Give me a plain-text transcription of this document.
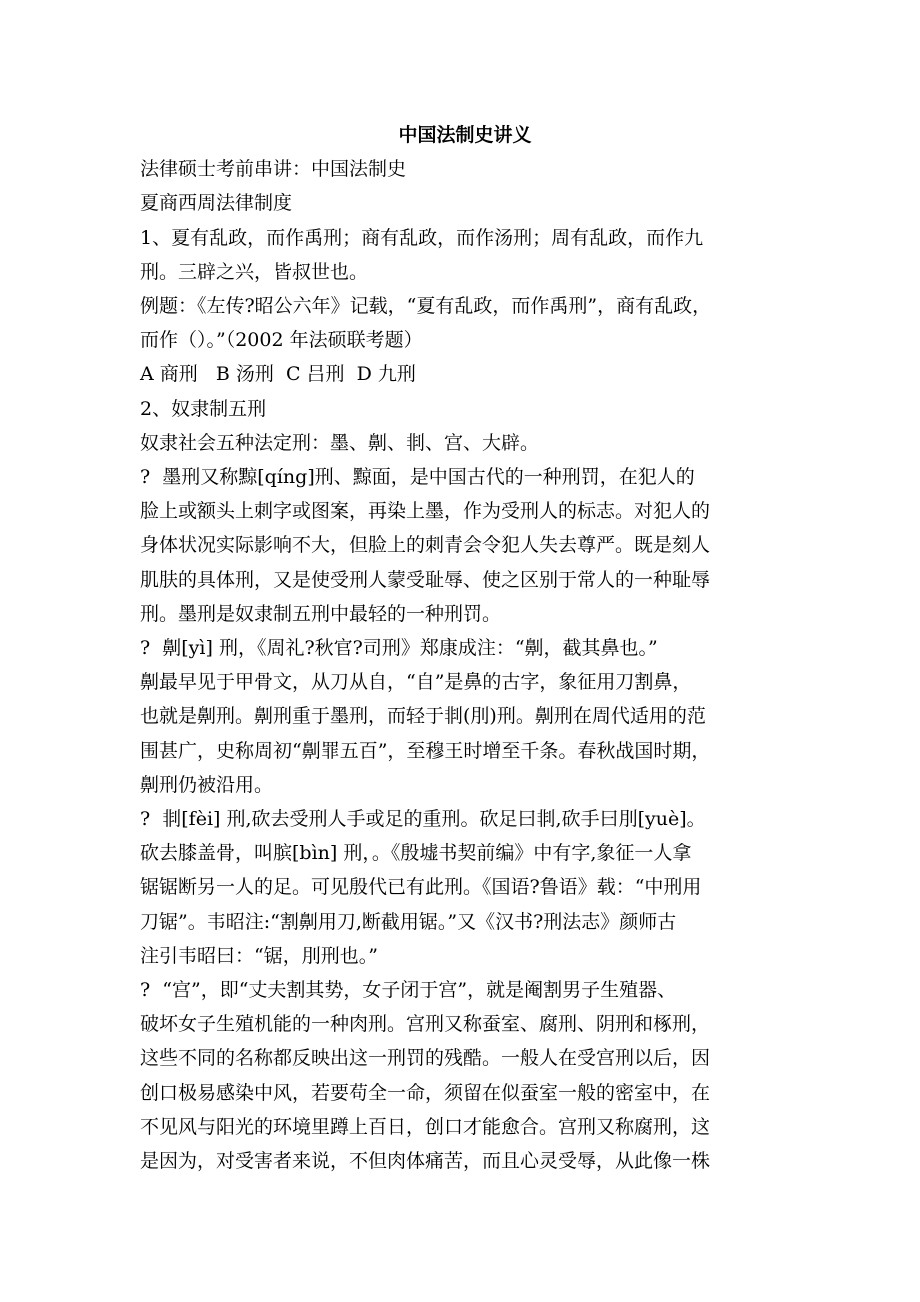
中国法制史讲义
法律硕士考前串讲：中国法制史
夏商西周法律制度
1、夏有乱政，而作禹刑；商有乱政，而作汤刑；周有乱政，而作九
刑。三辟之兴，皆叔世也。
例题：《左传?昭公六年》记载，“夏有乱政，而作禹刑”，商有乱政，
而作（）。”（2002 年法硕联考题）
A 商刑   B 汤刑  C 吕刑  D 九刑
2、奴隶制五刑
奴隶社会五种法定刑：墨、劓、剕、宫、大辟。
?  墨刑又称黥[qíng]刑、黥面，是中国古代的一种刑罚，在犯人的
脸上或额头上刺字或图案，再染上墨，作为受刑人的标志。对犯人的
身体状况实际影响不大，但脸上的刺青会令犯人失去尊严。既是刻人
肌肤的具体刑，又是使受刑人蒙受耻辱、使之区别于常人的一种耻辱
刑。墨刑是奴隶制五刑中最轻的一种刑罚。
?  劓[yì] 刑，《周礼?秋官?司刑》郑康成注：“劓，截其鼻也。”
劓最早见于甲骨文，从刀从自，“自”是鼻的古字，象征用刀割鼻，
也就是劓刑。劓刑重于墨刑，而轻于剕(刖)刑。劓刑在周代适用的范
围甚广，史称周初“劓罪五百”，至穆王时增至千条。春秋战国时期，
劓刑仍被沿用。
?  剕[fèi] 刑,砍去受刑人手或足的重刑。砍足曰剕,砍手曰刖[yuè]。
砍去膝盖骨，叫膑[bìn] 刑，。《殷墟书契前编》中有字,象征一人拿
锯锯断另一人的足。可见殷代已有此刑。《国语?鲁语》载：“中刑用
刀锯”。韦昭注:“割劓用刀,断截用锯。”又《汉书?刑法志》颜师古
注引韦昭曰：“锯，刖刑也。”
?  “宫”，即“丈夫割其势，女子闭于宫”，就是阉割男子生殖器、
破坏女子生殖机能的一种肉刑。宫刑又称蚕室、腐刑、阴刑和椓刑，
这些不同的名称都反映出这一刑罚的残酷。一般人在受宫刑以后，因
创口极易感染中风，若要苟全一命，须留在似蚕室一般的密室中，在
不见风与阳光的环境里蹲上百日，创口才能愈合。宫刑又称腐刑，这
是因为，对受害者来说，不但肉体痛苦，而且心灵受辱，从此像一株
